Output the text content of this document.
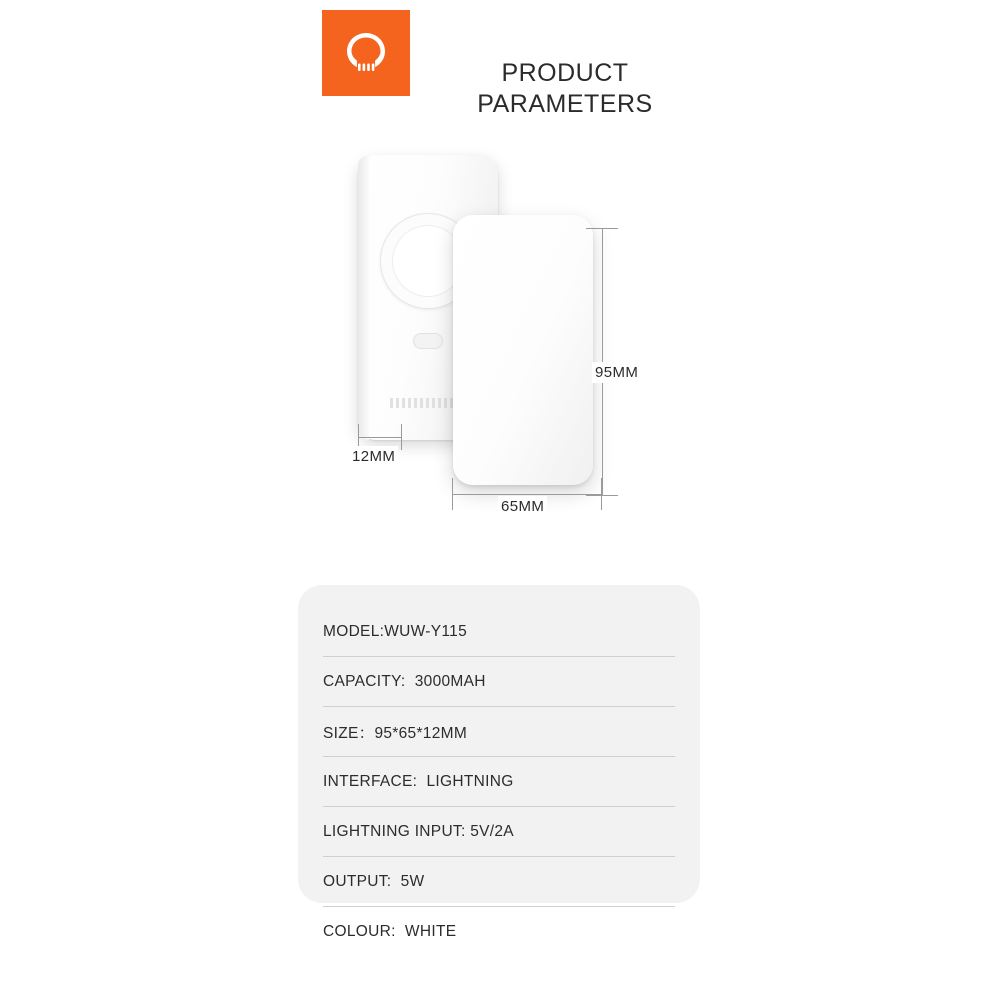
PRODUCT
PARAMETERS
95MM
65MM
12MM
MODEL:WUW-Y115
CAPACITY:  3000MAH
SIZE：95*65*12MM
INTERFACE:  LIGHTNING
LIGHTNING INPUT: 5V/2A
OUTPUT:  5W
COLOUR:  WHITE
